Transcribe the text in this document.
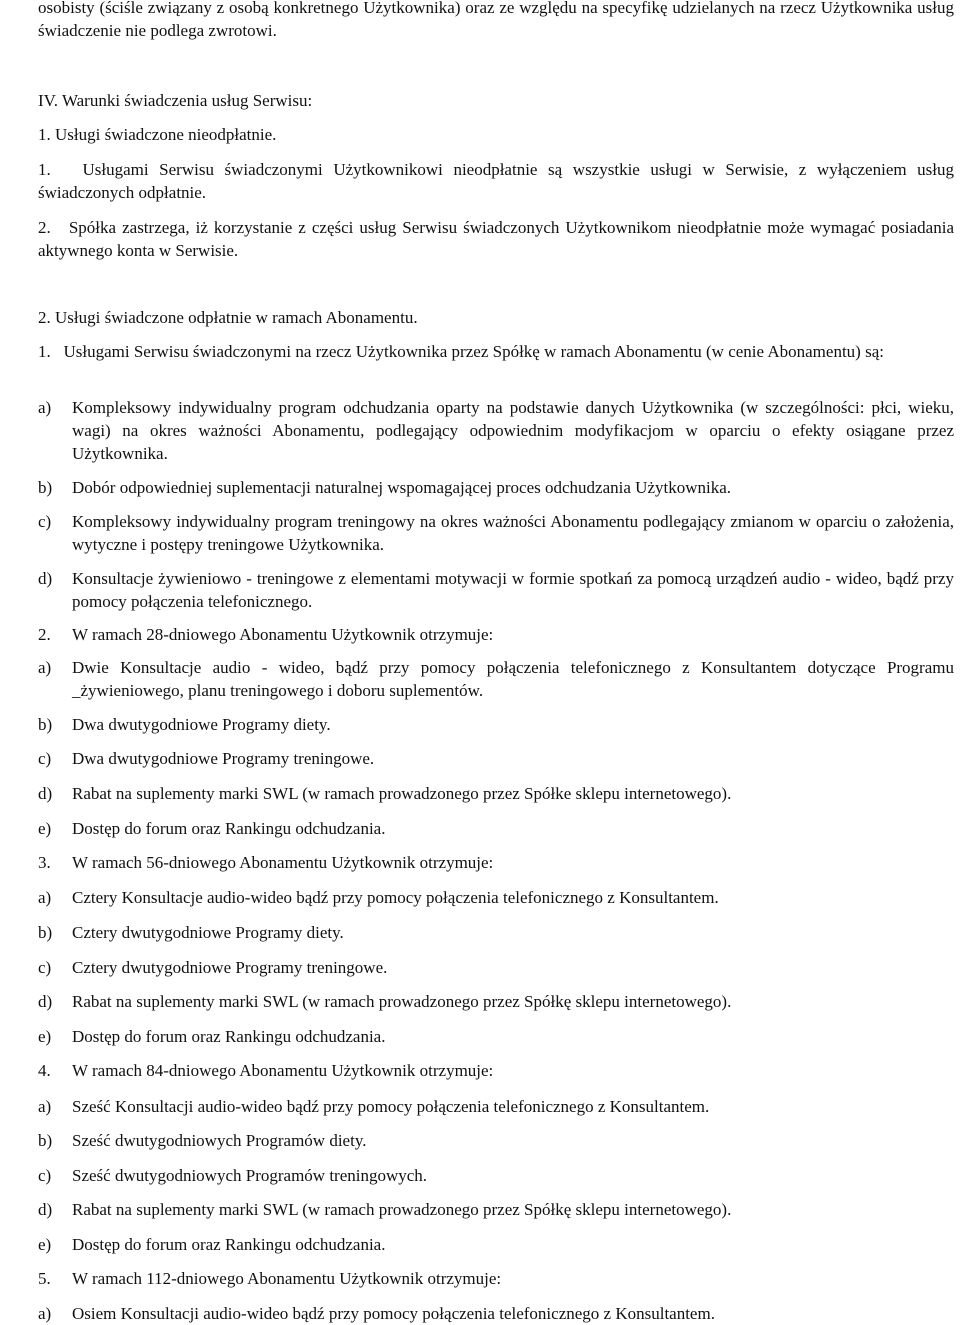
osobisty (ściśle związany z osobą konkretnego Użytkownika) oraz ze względu na specyfikę udzielanych na rzecz Użytkownika usług świadczenie nie podlega zwrotowi.
IV. Warunki świadczenia usług Serwisu:
1. Usługi świadczone nieodpłatnie.
1. Usługami Serwisu świadczonymi Użytkownikowi nieodpłatnie są wszystkie usługi w Serwisie, z wyłączeniem usług świadczonych odpłatnie.
2. Spółka zastrzega, iż korzystanie z części usług Serwisu świadczonych Użytkownikom nieodpłatnie może wymagać posiadania aktywnego konta w Serwisie.
2. Usługi świadczone odpłatnie w ramach Abonamentu.
1. Usługami Serwisu świadczonymi na rzecz Użytkownika przez Spółkę w ramach Abonamentu (w cenie Abonamentu) są:
a) Kompleksowy indywidualny program odchudzania oparty na podstawie danych Użytkownika (w szczególności: płci, wieku, wagi) na okres ważności Abonamentu, podlegający odpowiednim modyfikacjom w oparciu o efekty osiągane przez Użytkownika.
b) Dobór odpowiedniej suplementacji naturalnej wspomagającej proces odchudzania Użytkownika.
c) Kompleksowy indywidualny program treningowy na okres ważności Abonamentu podlegający zmianom w oparciu o założenia, wytyczne i postępy treningowe Użytkownika.
d) Konsultacje żywieniowo - treningowe z elementami motywacji w formie spotkań za pomocą urządzeń audio - wideo, bądź przy pomocy połączenia telefonicznego.
2. W ramach 28-dniowego Abonamentu Użytkownik otrzymuje:
a) Dwie Konsultacje audio - wideo, bądź przy pomocy połączenia telefonicznego z Konsultantem dotyczące Programu _żywieniowego, planu treningowego i doboru suplementów.
b) Dwa dwutygodniowe Programy diety.
c) Dwa dwutygodniowe Programy treningowe.
d) Rabat na suplementy marki SWL (w ramach prowadzonego przez Spółke sklepu internetowego).
e) Dostęp do forum oraz Rankingu odchudzania.
3. W ramach 56-dniowego Abonamentu Użytkownik otrzymuje:
a) Cztery Konsultacje audio-wideo bądź przy pomocy połączenia telefonicznego z Konsultantem.
b) Cztery dwutygodniowe Programy diety.
c) Cztery dwutygodniowe Programy treningowe.
d) Rabat na suplementy marki SWL (w ramach prowadzonego przez Spółkę sklepu internetowego).
e) Dostęp do forum oraz Rankingu odchudzania.
4. W ramach 84-dniowego Abonamentu Użytkownik otrzymuje:
a) Sześć Konsultacji audio-wideo bądź przy pomocy połączenia telefonicznego z Konsultantem.
b) Sześć dwutygodniowych Programów diety.
c) Sześć dwutygodniowych Programów treningowych.
d) Rabat na suplementy marki SWL (w ramach prowadzonego przez Spółkę sklepu internetowego).
e) Dostęp do forum oraz Rankingu odchudzania.
5. W ramach 112-dniowego Abonamentu Użytkownik otrzymuje:
a) Osiem Konsultacji audio-wideo bądź przy pomocy połączenia telefonicznego z Konsultantem.
